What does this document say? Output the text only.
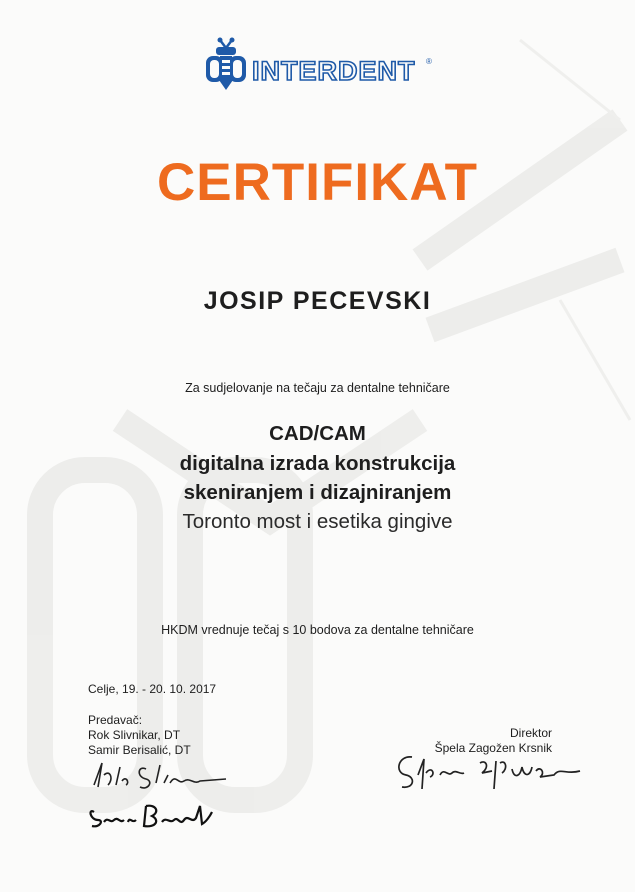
INTERDENT ®
CERTIFIKAT
JOSIP PECEVSKI
Za sudjelovanje na tečaju za dentalne tehničare
CAD/CAM
digitalna izrada konstrukcija
skeniranjem i dizajniranjem
Toronto most i esetika gingive
HKDM vrednuje tečaj s 10 bodova za dentalne tehničare
Celje, 19. - 20. 10. 2017
Predavač:
Rok Slivnikar, DT
Samir Berisalić, DT
Direktor
Špela Zagožen Krsnik
